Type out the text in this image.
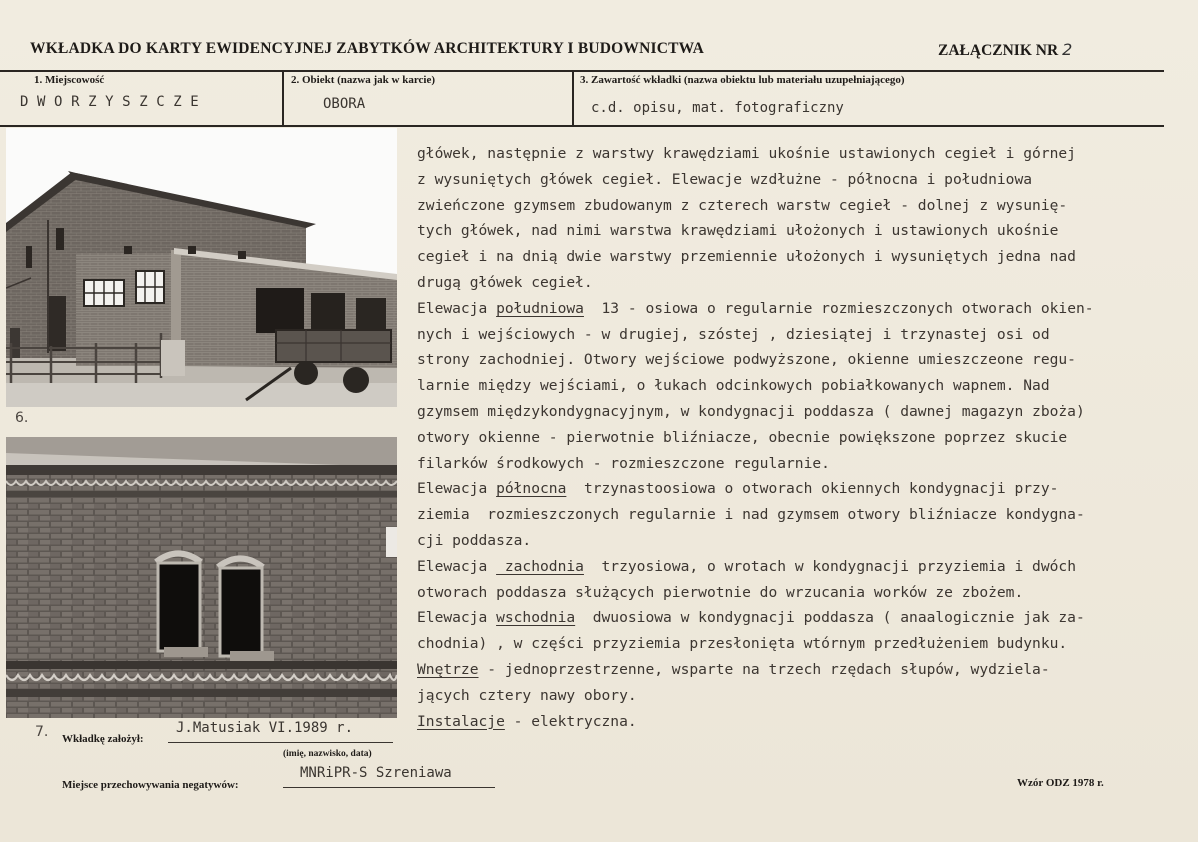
WKŁADKA DO KARTY EWIDENCYJNEJ ZABYTKÓW ARCHITEKTURY I BUDOWNICTWA	ZAŁĄCZNIK NR 2
1. Miejscowość
DWORZYSZCZE
2. Obiekt (nazwa jak w karcie)
OBORA
3. Zawartość wkładki (nazwa obiektu lub materiału uzupełniającego)
c.d. opisu, mat. fotograficzny
6.
7.
główek, następnie z warstwy krawędziami ukośnie ustawionych cegieł i górnej
z wysuniętych główek cegieł. Elewacje wzdłużne - północna i południowa
zwieńczone gzymsem zbudowanym z czterech warstw cegieł - dolnej z wysunię-
tych główek, nad nimi warstwa krawędziami ułożonych i ustawionych ukośnie
cegieł i na dnią dwie warstwy przemiennie ułożonych i wysuniętych jedna nad
drugą główek cegieł.
Elewacja południowa  13 - osiowa o regularnie rozmieszczonych otworach okien-
nych i wejściowych - w drugiej, szóstej , dziesiątej i trzynastej osi od
strony zachodniej. Otwory wejściowe podwyższone, okienne umieszczeone regu-
larnie między wejściami, o łukach odcinkowych pobiałkowanych wapnem. Nad
gzymsem międzykondygnacyjnym, w kondygnacji poddasza ( dawnej magazyn zboża)
otwory okienne - pierwotnie bliźniacze, obecnie powiększone poprzez skucie
filarków środkowych - rozmieszczone regularnie.
Elewacja północna  trzynastoosiowa o otworach okiennych kondygnacji przy-
ziemia  rozmieszczonych regularnie i nad gzymsem otwory bliźniacze kondygna-
cji poddasza.
Elewacja  zachodnia  trzyosiowa, o wrotach w kondygnacji przyziemia i dwóch
otworach poddasza służących pierwotnie do wrzucania worków ze zbożem.
Elewacja wschodnia  dwuosiowa w kondygnacji poddasza ( anaalogicznie jak za-
chodnia) , w części przyziemia przesłonięta wtórnym przedłużeniem budynku.
Wnętrze - jednoprzestrzenne, wsparte na trzech rzędach słupów, wydziela-
jących cztery nawy obory.
Instalacje - elektryczna.
Wkładkę założył:
J.Matusiak VI.1989 r.
(imię, nazwisko, data)
Miejsce przechowywania negatywów:
MNRiPR-S Szreniawa
Wzór ODZ 1978 r.
